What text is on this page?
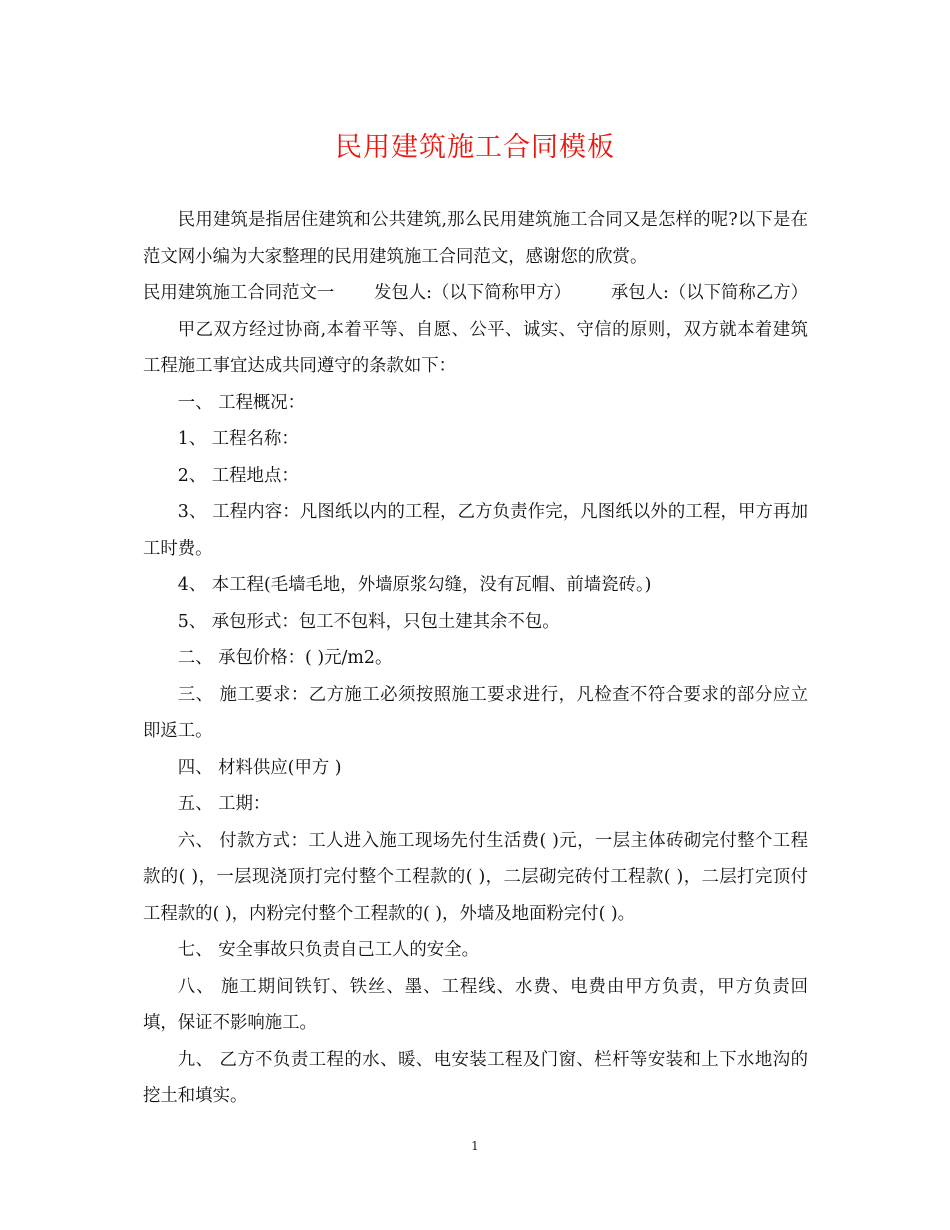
民用建筑施工合同模板

民用建筑是指居住建筑和公共建筑,那么民用建筑施工合同又是怎样的呢?以下是在范文网小编为大家整理的民用建筑施工合同范文，感谢您的欣赏。

民用建筑施工合同范文一 发包人:（以下简称甲方） 承包人:（以下简称乙方）

甲乙双方经过协商,本着平等、自愿、公平、诚实、守信的原则，双方就本着建筑工程施工事宜达成共同遵守的条款如下：

一、 工程概况：

1、 工程名称：

2、 工程地点：

3、 工程内容：凡图纸以内的工程，乙方负责作完，凡图纸以外的工程，甲方再加工时费。

4、 本工程(毛墙毛地，外墙原浆勾缝，没有瓦帽、前墙瓷砖。)

5、 承包形式：包工不包料，只包土建其余不包。

二、 承包价格：( )元/m2。

三、 施工要求：乙方施工必须按照施工要求进行，凡检查不符合要求的部分应立即返工。

四、 材料供应(甲方 )

五、 工期：

六、 付款方式：工人进入施工现场先付生活费( )元，一层主体砖砌完付整个工程款的( )，一层现浇顶打完付整个工程款的( )，二层砌完砖付工程款( )，二层打完顶付工程款的( )，内粉完付整个工程款的( )，外墙及地面粉完付( )。

七、 安全事故只负责自己工人的安全。

八、 施工期间铁钉、铁丝、墨、工程线、水费、电费由甲方负责，甲方负责回填，保证不影响施工。

九、 乙方不负责工程的水、暖、电安装工程及门窗、栏杆等安装和上下水地沟的挖土和填实。

1
